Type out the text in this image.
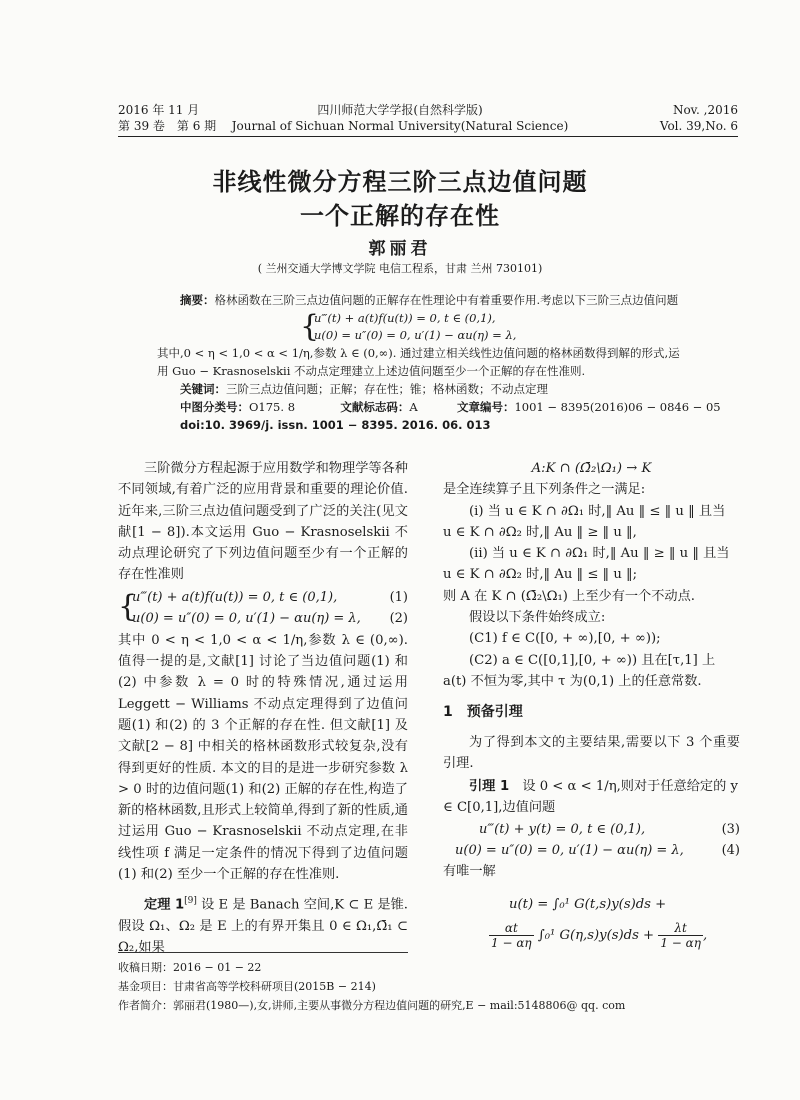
2016 年 11 月
第 39 卷　第 6 期
四川师范大学学报(自然科学版)
Journal of Sichuan Normal University(Natural Science)
Nov. ,2016
Vol. 39,No. 6
非线性微分方程三阶三点边值问题
一个正解的存在性
郭丽君
( 兰州交通大学博文学院 电信工程系，甘肃 兰州 730101)
摘要：格林函数在三阶三点边值问题的正解存在性理论中有着重要作用.考虑以下三阶三点边值问题
{
u‴(t) + a(t)f(u(t)) = 0, t ∈ (0,1),
u(0) = u″(0) = 0, u′(1) − αu(η) = λ,
其中,0 < η < 1,0 < α < 1/η,参数 λ ∈ (0,∞). 通过建立相关线性边值问题的格林函数得到解的形式,运
用 Guo − Krasnoselskii 不动点定理建立上述边值问题至少一个正解的存在性准则.
关键词：三阶三点边值问题；正解；存在性；锥；格林函数；不动点定理
中图分类号：O175. 8	文献标志码：A	文章编号：1001 − 8395(2016)06 − 0846 − 05
doi:10. 3969/j. issn. 1001 − 8395. 2016. 06. 013

三阶微分方程起源于应用数学和物理学等各种不同领域,有着广泛的应用背景和重要的理论价值.近年来,三阶三点边值问题受到了广泛的关注(见文献[1 − 8]).本文运用 Guo − Krasnoselskii 不动点理论研究了下列边值问题至少有一个正解的存在性准则

{
u‴(t) + a(t)f(u(t)) = 0, t ∈ (0,1),	(1)
u(0) = u″(0) = 0, u′(1) − αu(η) = λ, (2)

其中 0 < η < 1,0 < α < 1/η,参数 λ ∈ (0,∞). 值得一提的是,文献[1] 讨论了当边值问题(1) 和(2) 中参数 λ = 0 时的特殊情况,通过运用 Leggett − Williams 不动点定理得到了边值问题(1) 和(2) 的 3 个正解的存在性. 但文献[1] 及文献[2 − 8] 中相关的格林函数形式较复杂,没有得到更好的性质. 本文的目的是进一步研究参数 λ > 0 时的边值问题(1) 和(2) 正解的存在性,构造了新的格林函数,且形式上较简单,得到了新的性质,通过运用 Guo − Krasnoselskii 不动点定理,在非线性项 f 满足一定条件的情况下得到了边值问题(1) 和(2) 至少一个正解的存在性准则.

定理 1[9] 设 E 是 Banach 空间,K ⊂ E 是锥.假设 Ω₁、Ω₂ 是 E 上的有界开集且 0 ∈ Ω₁,Ω̄₁ ⊂ Ω₂,如果

A:K ∩ (Ω̄₂\Ω₁) → K

是全连续算子且下列条件之一满足:

(i) 当 u ∈ K ∩ ∂Ω₁ 时,‖ Au ‖ ≤ ‖ u ‖ 且当

u ∈ K ∩ ∂Ω₂ 时,‖ Au ‖ ≥ ‖ u ‖,

(ii) 当 u ∈ K ∩ ∂Ω₁ 时,‖ Au ‖ ≥ ‖ u ‖ 且当

u ∈ K ∩ ∂Ω₂ 时,‖ Au ‖ ≤ ‖ u ‖;

则 A 在 K ∩ (Ω̄₂\Ω₁) 上至少有一个不动点.

假设以下条件始终成立:

(C1) f ∈ C([0, + ∞),[0, + ∞));

(C2) a ∈ C([0,1],[0, + ∞)) 且在[τ,1] 上

a(t) 不恒为零,其中 τ 为(0,1) 上的任意常数.

1　预备引理

为了得到本文的主要结果,需要以下 3 个重要引理.

引理 1　 设 0 < α < 1/η,则对于任意给定的 y

∈ C[0,1],边值问题

u‴(t) + y(t) = 0, t ∈ (0,1),	(3)
u(0) = u″(0) = 0, u′(1) − αu(η) = λ,	(4)

有唯一解

u(t) = ∫₀¹ G(t,s)y(s)ds +
$\frac{\alpha t}{1 - \alpha\eta} \int_0^1$ $G(\eta,s)y(s)ds + \frac{\lambda t}{1 - \alpha\eta}$ ,
收稿日期：2016 − 01 − 22
基金项目：甘肃省高等学校科研项目(2015B − 214)
作者简介：郭丽君(1980—),女,讲师,主要从事微分方程边值问题的研究,E − mail:5148806@ qq. com
